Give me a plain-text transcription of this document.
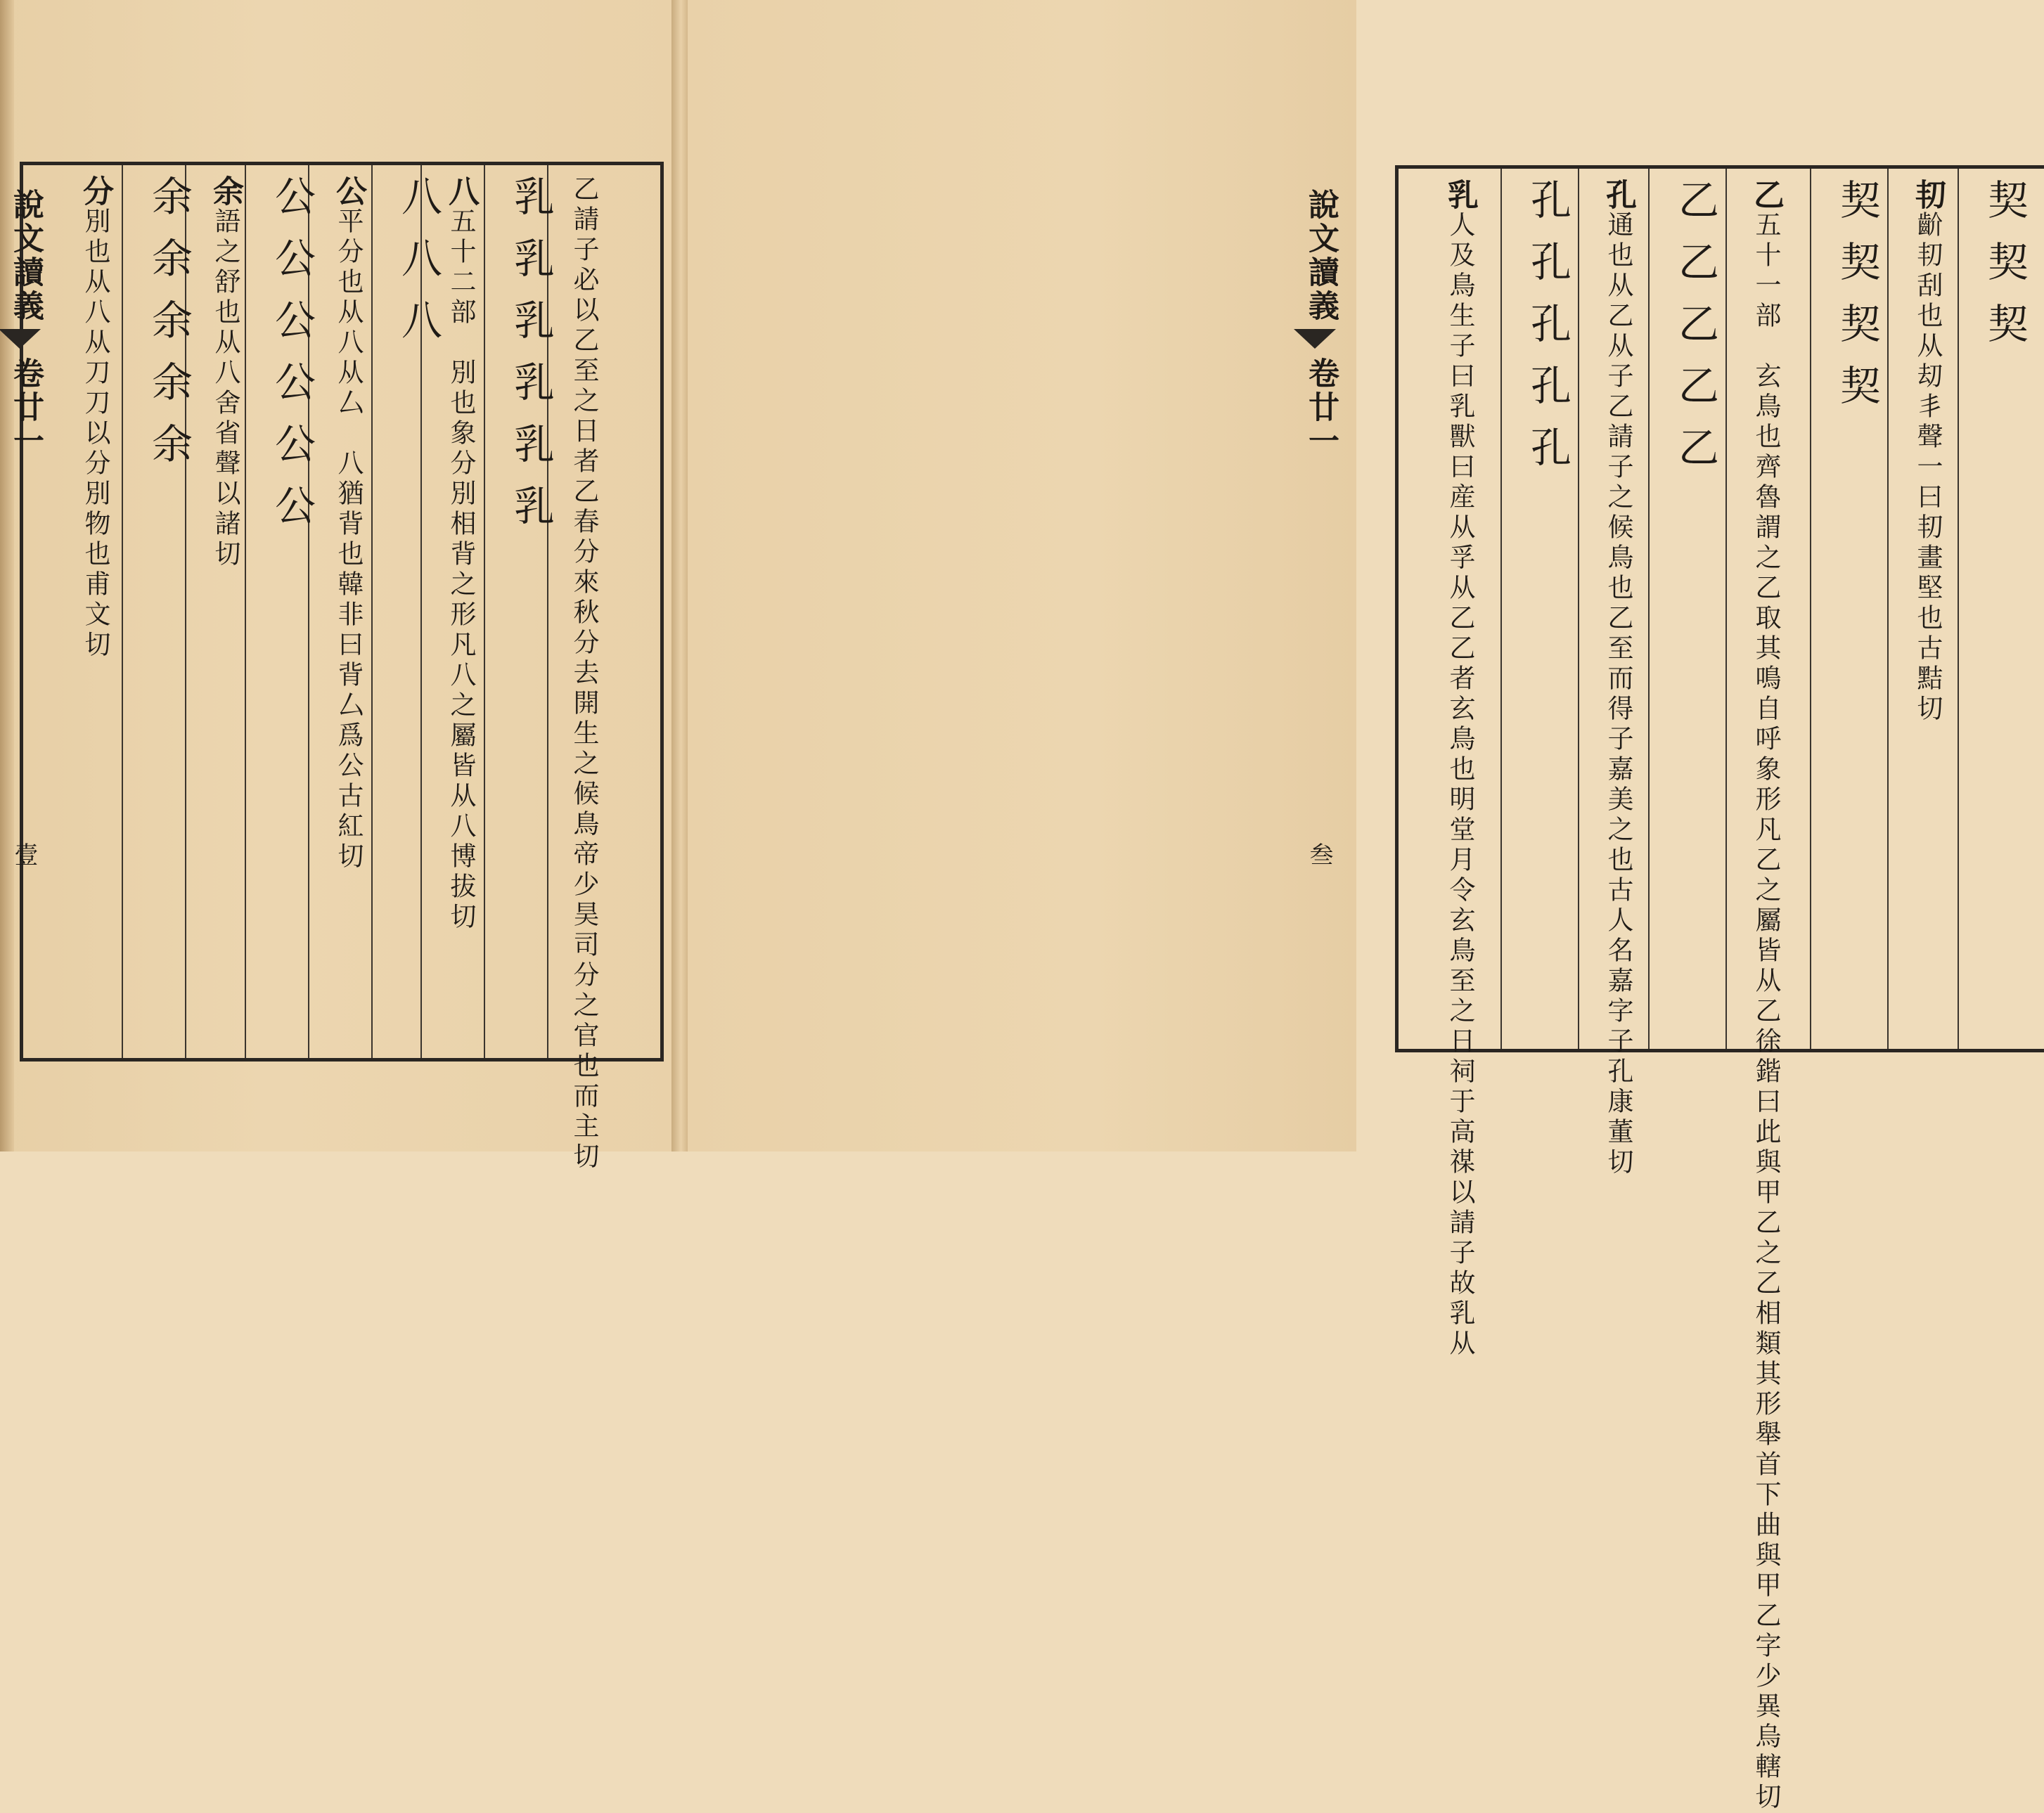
乙請子必以乙至之日者乙春分來秋分去開生之候鳥帝少昊司分之官也而主切
乳乳乳乳乳乳
八五十二部　別也象分別相背之形凡八之屬皆从八博拔切
八八八
公平分也从八从厶　八猶背也韓非曰背厶爲公古紅切
公公公公公公
余語之舒也从八舍省聲以諸切
余余余余余
分別也从八从刀刀以分別物也甫文切
說文讀義
卷廿一
壹
契契契
㓞齘㓞刮也从刧丯聲一曰㓞畫堅也古黠切
契契契契
乙五十一部　玄鳥也齊魯謂之乙取其鳴自呼象形凡乙之屬皆从乙徐鍇曰此與甲乙之乙相類其形舉首下曲與甲乙字少異烏轄切
乙乙乙乙乙
孔通也从乙从子乙請子之候鳥也乙至而得子嘉美之也古人名嘉字子孔康董切
孔孔孔孔孔
乳人及鳥生子曰乳獸曰産从孚从乙乙者玄鳥也明堂月令玄鳥至之日祠于高禖以請子故乳从
說文讀義
卷廿一
叁
